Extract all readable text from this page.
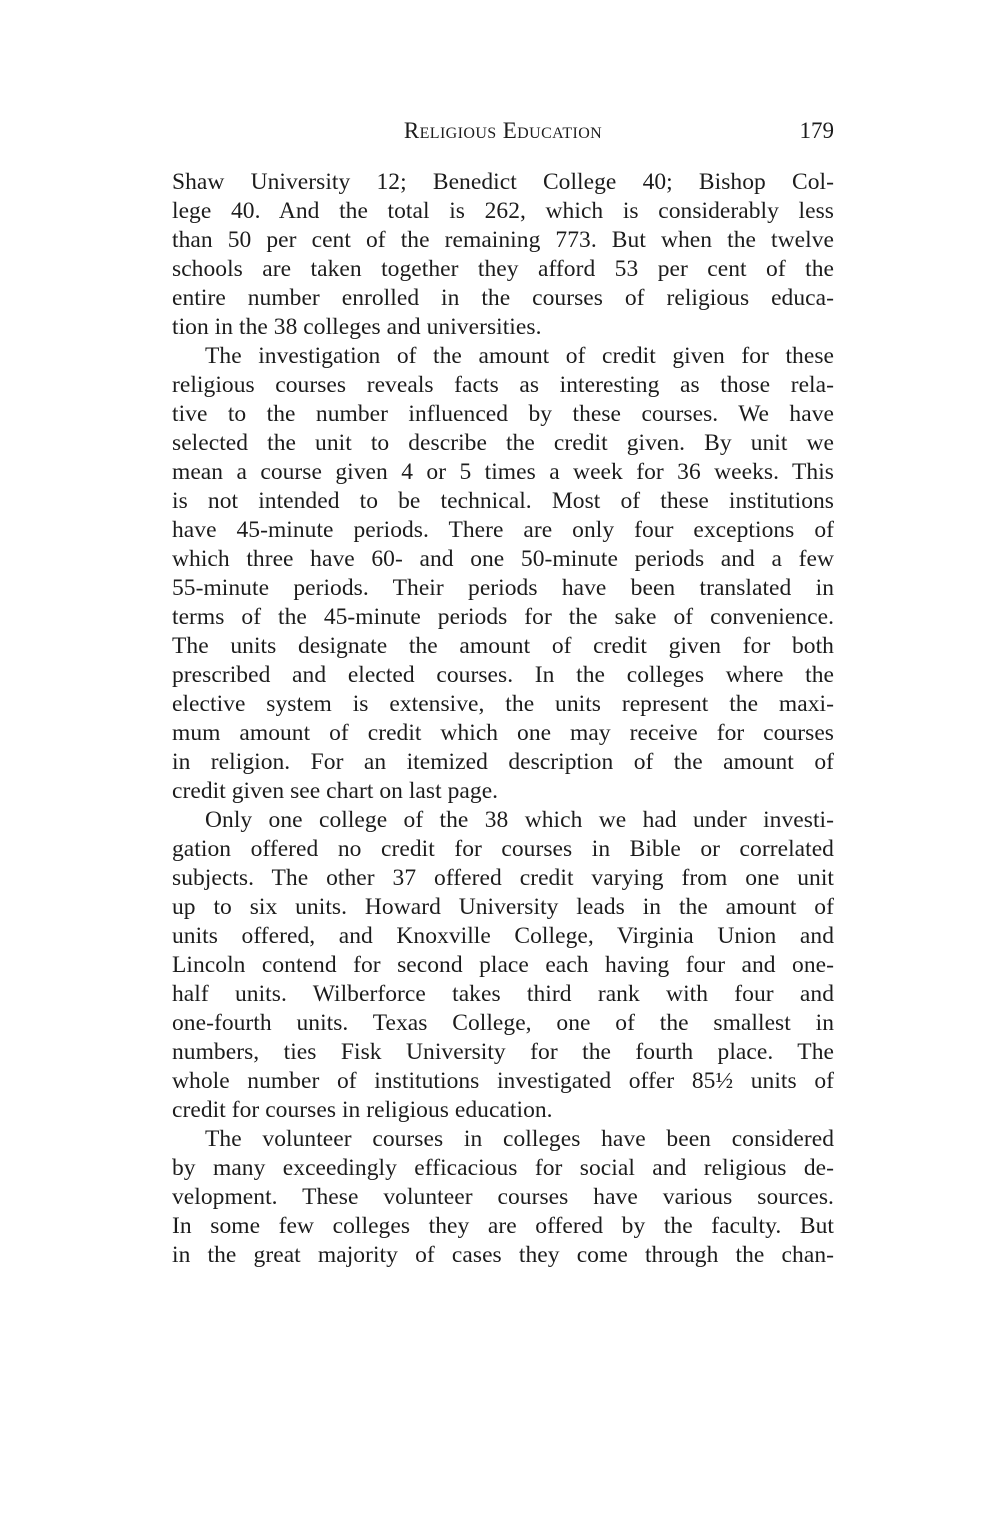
Religious Education	179
Shaw University 12; Benedict College 40; Bishop Col-
lege 40. And the total is 262, which is considerably less
than 50 per cent of the remaining 773. But when the twelve
schools are taken together they afford 53 per cent of the
entire number enrolled in the courses of religious educa-
tion in the 38 colleges and universities.
The investigation of the amount of credit given for these
religious courses reveals facts as interesting as those rela-
tive to the number influenced by these courses. We have
selected the unit to describe the credit given. By unit we
mean a course given 4 or 5 times a week for 36 weeks. This
is not intended to be technical. Most of these institutions
have 45-minute periods. There are only four exceptions of
which three have 60- and one 50-minute periods and a few
55-minute periods. Their periods have been translated in
terms of the 45-minute periods for the sake of convenience.
The units designate the amount of credit given for both
prescribed and elected courses. In the colleges where the
elective system is extensive, the units represent the maxi-
mum amount of credit which one may receive for courses
in religion. For an itemized description of the amount of
credit given see chart on last page.
Only one college of the 38 which we had under investi-
gation offered no credit for courses in Bible or correlated
subjects. The other 37 offered credit varying from one unit
up to six units. Howard University leads in the amount of
units offered, and Knoxville College, Virginia Union and
Lincoln contend for second place each having four and one-
half units. Wilberforce takes third rank with four and
one-fourth units. Texas College, one of the smallest in
numbers, ties Fisk University for the fourth place. The
whole number of institutions investigated offer 85½ units of
credit for courses in religious education.
The volunteer courses in colleges have been considered
by many exceedingly efficacious for social and religious de-
velopment. These volunteer courses have various sources.
In some few colleges they are offered by the faculty. But
in the great majority of cases they come through the chan-
